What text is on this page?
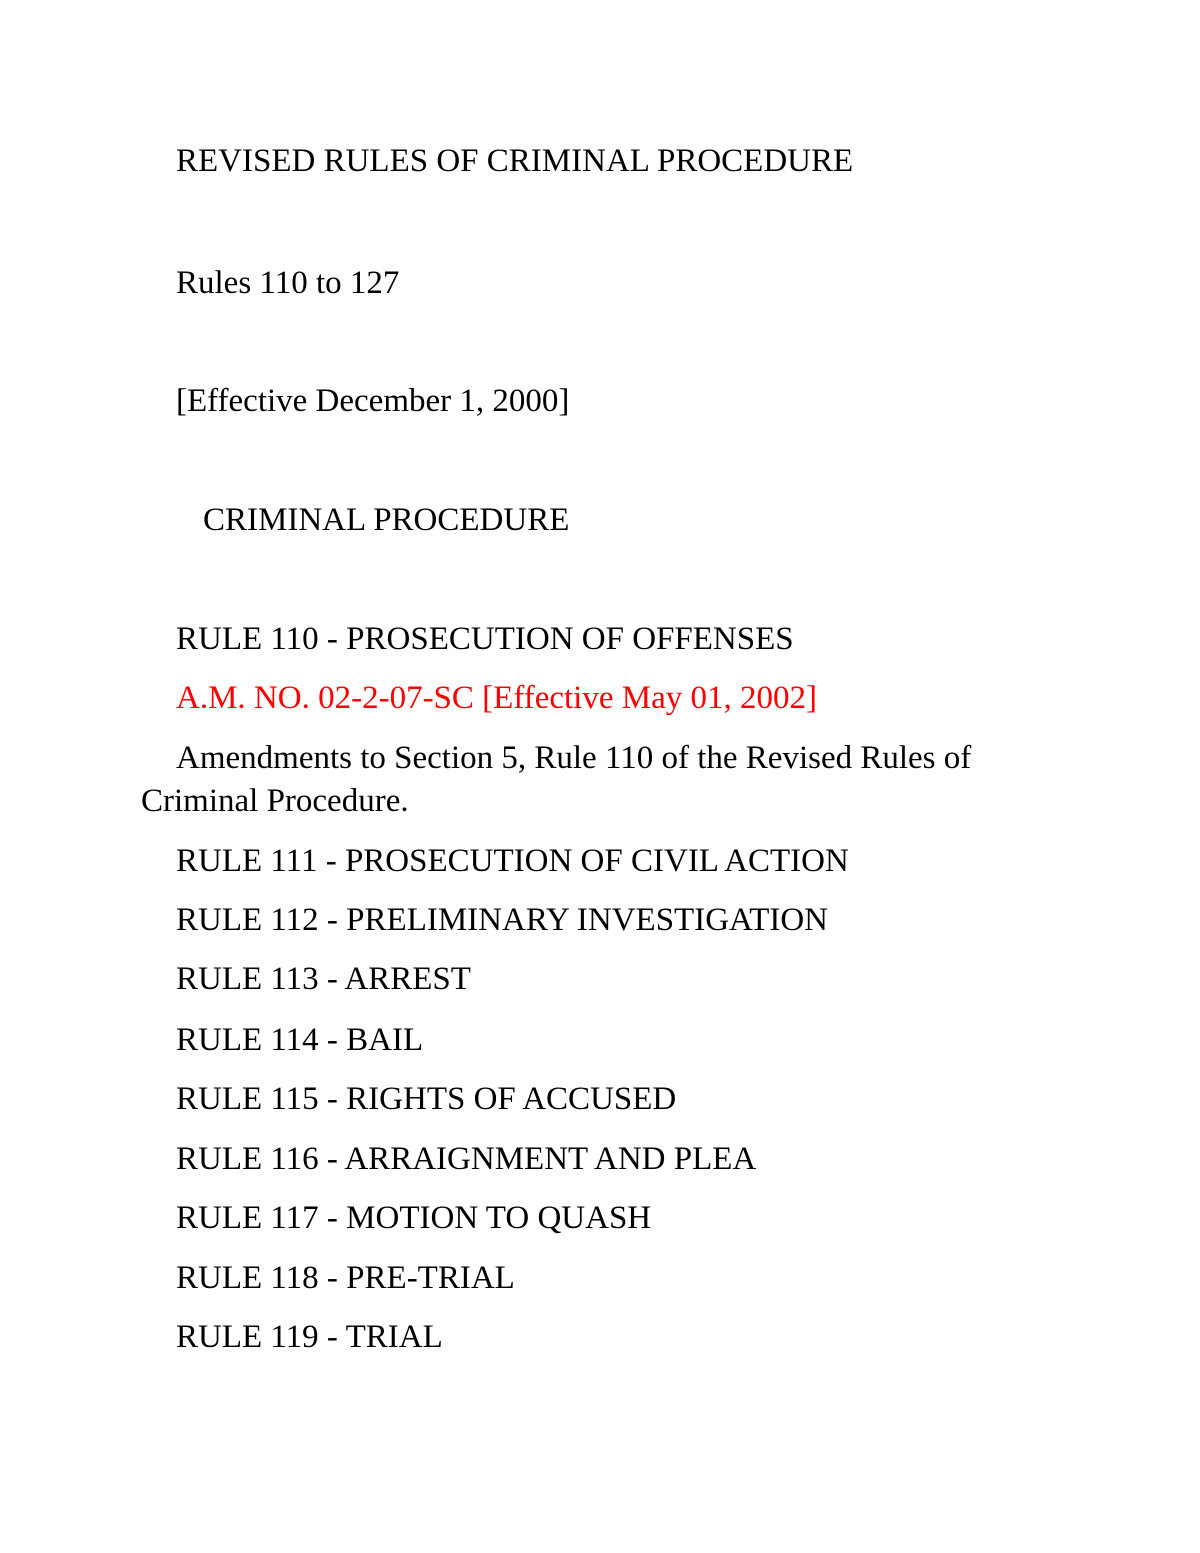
REVISED RULES OF CRIMINAL PROCEDURE

Rules 110 to 127

[Effective December 1, 2000]

CRIMINAL PROCEDURE

RULE 110 - PROSECUTION OF OFFENSES

A.M. NO. 02-2-07-SC [Effective May 01, 2002]

Amendments to Section 5, Rule 110 of the Revised Rules of Criminal Procedure.

RULE 111 - PROSECUTION OF CIVIL ACTION

RULE 112 - PRELIMINARY INVESTIGATION

RULE 113 - ARREST

RULE 114 - BAIL

RULE 115 - RIGHTS OF ACCUSED

RULE 116 - ARRAIGNMENT AND PLEA

RULE 117 - MOTION TO QUASH

RULE 118 - PRE-TRIAL

RULE 119 - TRIAL
